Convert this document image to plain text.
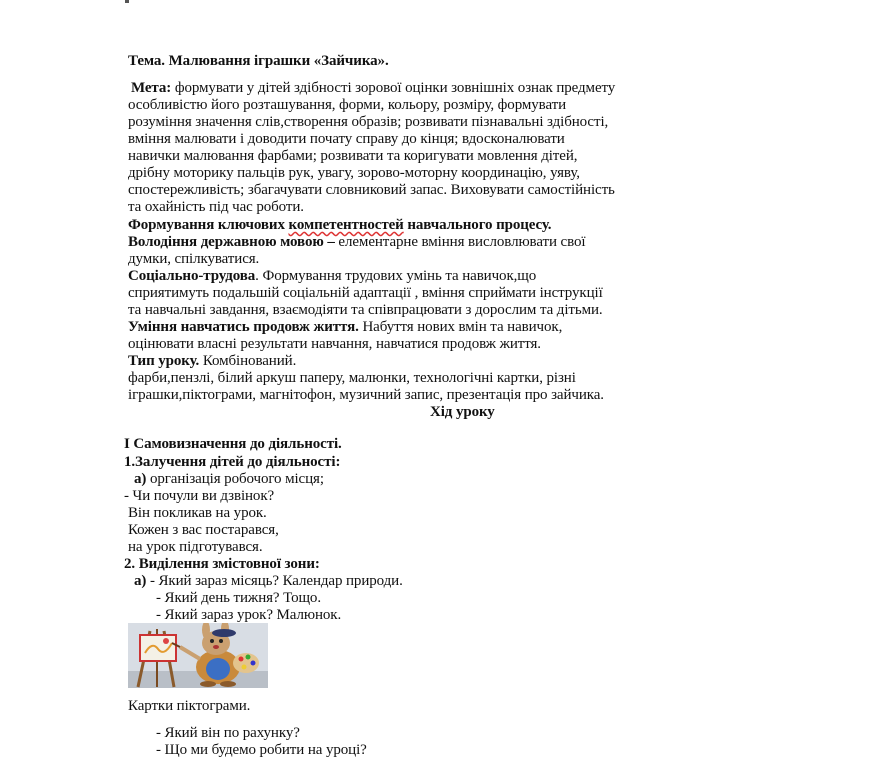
Тема. Малювання іграшки «Зайчика».
Мета: формувати у дітей здібності зорової оцінки зовнішніх ознак предмету
особливістю його розташування, форми, кольору, розміру, формувати
розуміння значення слів,створення образів; розвивати пізнавальні здібності,
вміння малювати і доводити почату справу до кінця; вдосконалювати
навички малювання фарбами; розвивати та коригувати мовлення дітей,
дрібну моторику пальців рук, увагу, зорово-моторну координацію, уяву,
спостережливість; збагачувати словниковий запас. Виховувати самостійність
та охайність під час роботи.
Формування ключових компетентностей навчального процесу.
Володіння державною мовою – елементарне вміння висловлювати свої
думки, спілкуватися.
Соціально-трудова. Формування трудових умінь та навичок,що
сприятимуть подальшій соціальній адаптації , вміння сприймати інструкції
та навчальні завдання, взаємодіяти та співпрацювати з дорослим та дітьми.
Уміння навчатись продовж життя. Набуття нових вмін та навичок,
оцінювати власні результати навчання, навчатися продовж життя.
Тип уроку. Комбінований.
фарби,пензлі, білий аркуш паперу, малюнки, технологічні картки, різні
іграшки,піктограми, магнітофон, музичний запис, презентація про зайчика.
Хід уроку
І Самовизначення до діяльності.
1.Залучення дітей до діяльності:
а) організація робочого місця;
- Чи почули ви дзвінок?
Він покликав на урок.
Кожен з вас постарався,
на урок підготувався.
2. Виділення змістовної зони:
а) - Який зараз місяць? Календар природи.
- Який день тижня? Тощо.
- Який зараз урок? Малюнок.
Картки піктограми.
- Який він по рахунку?
- Що ми будемо робити на уроці?
